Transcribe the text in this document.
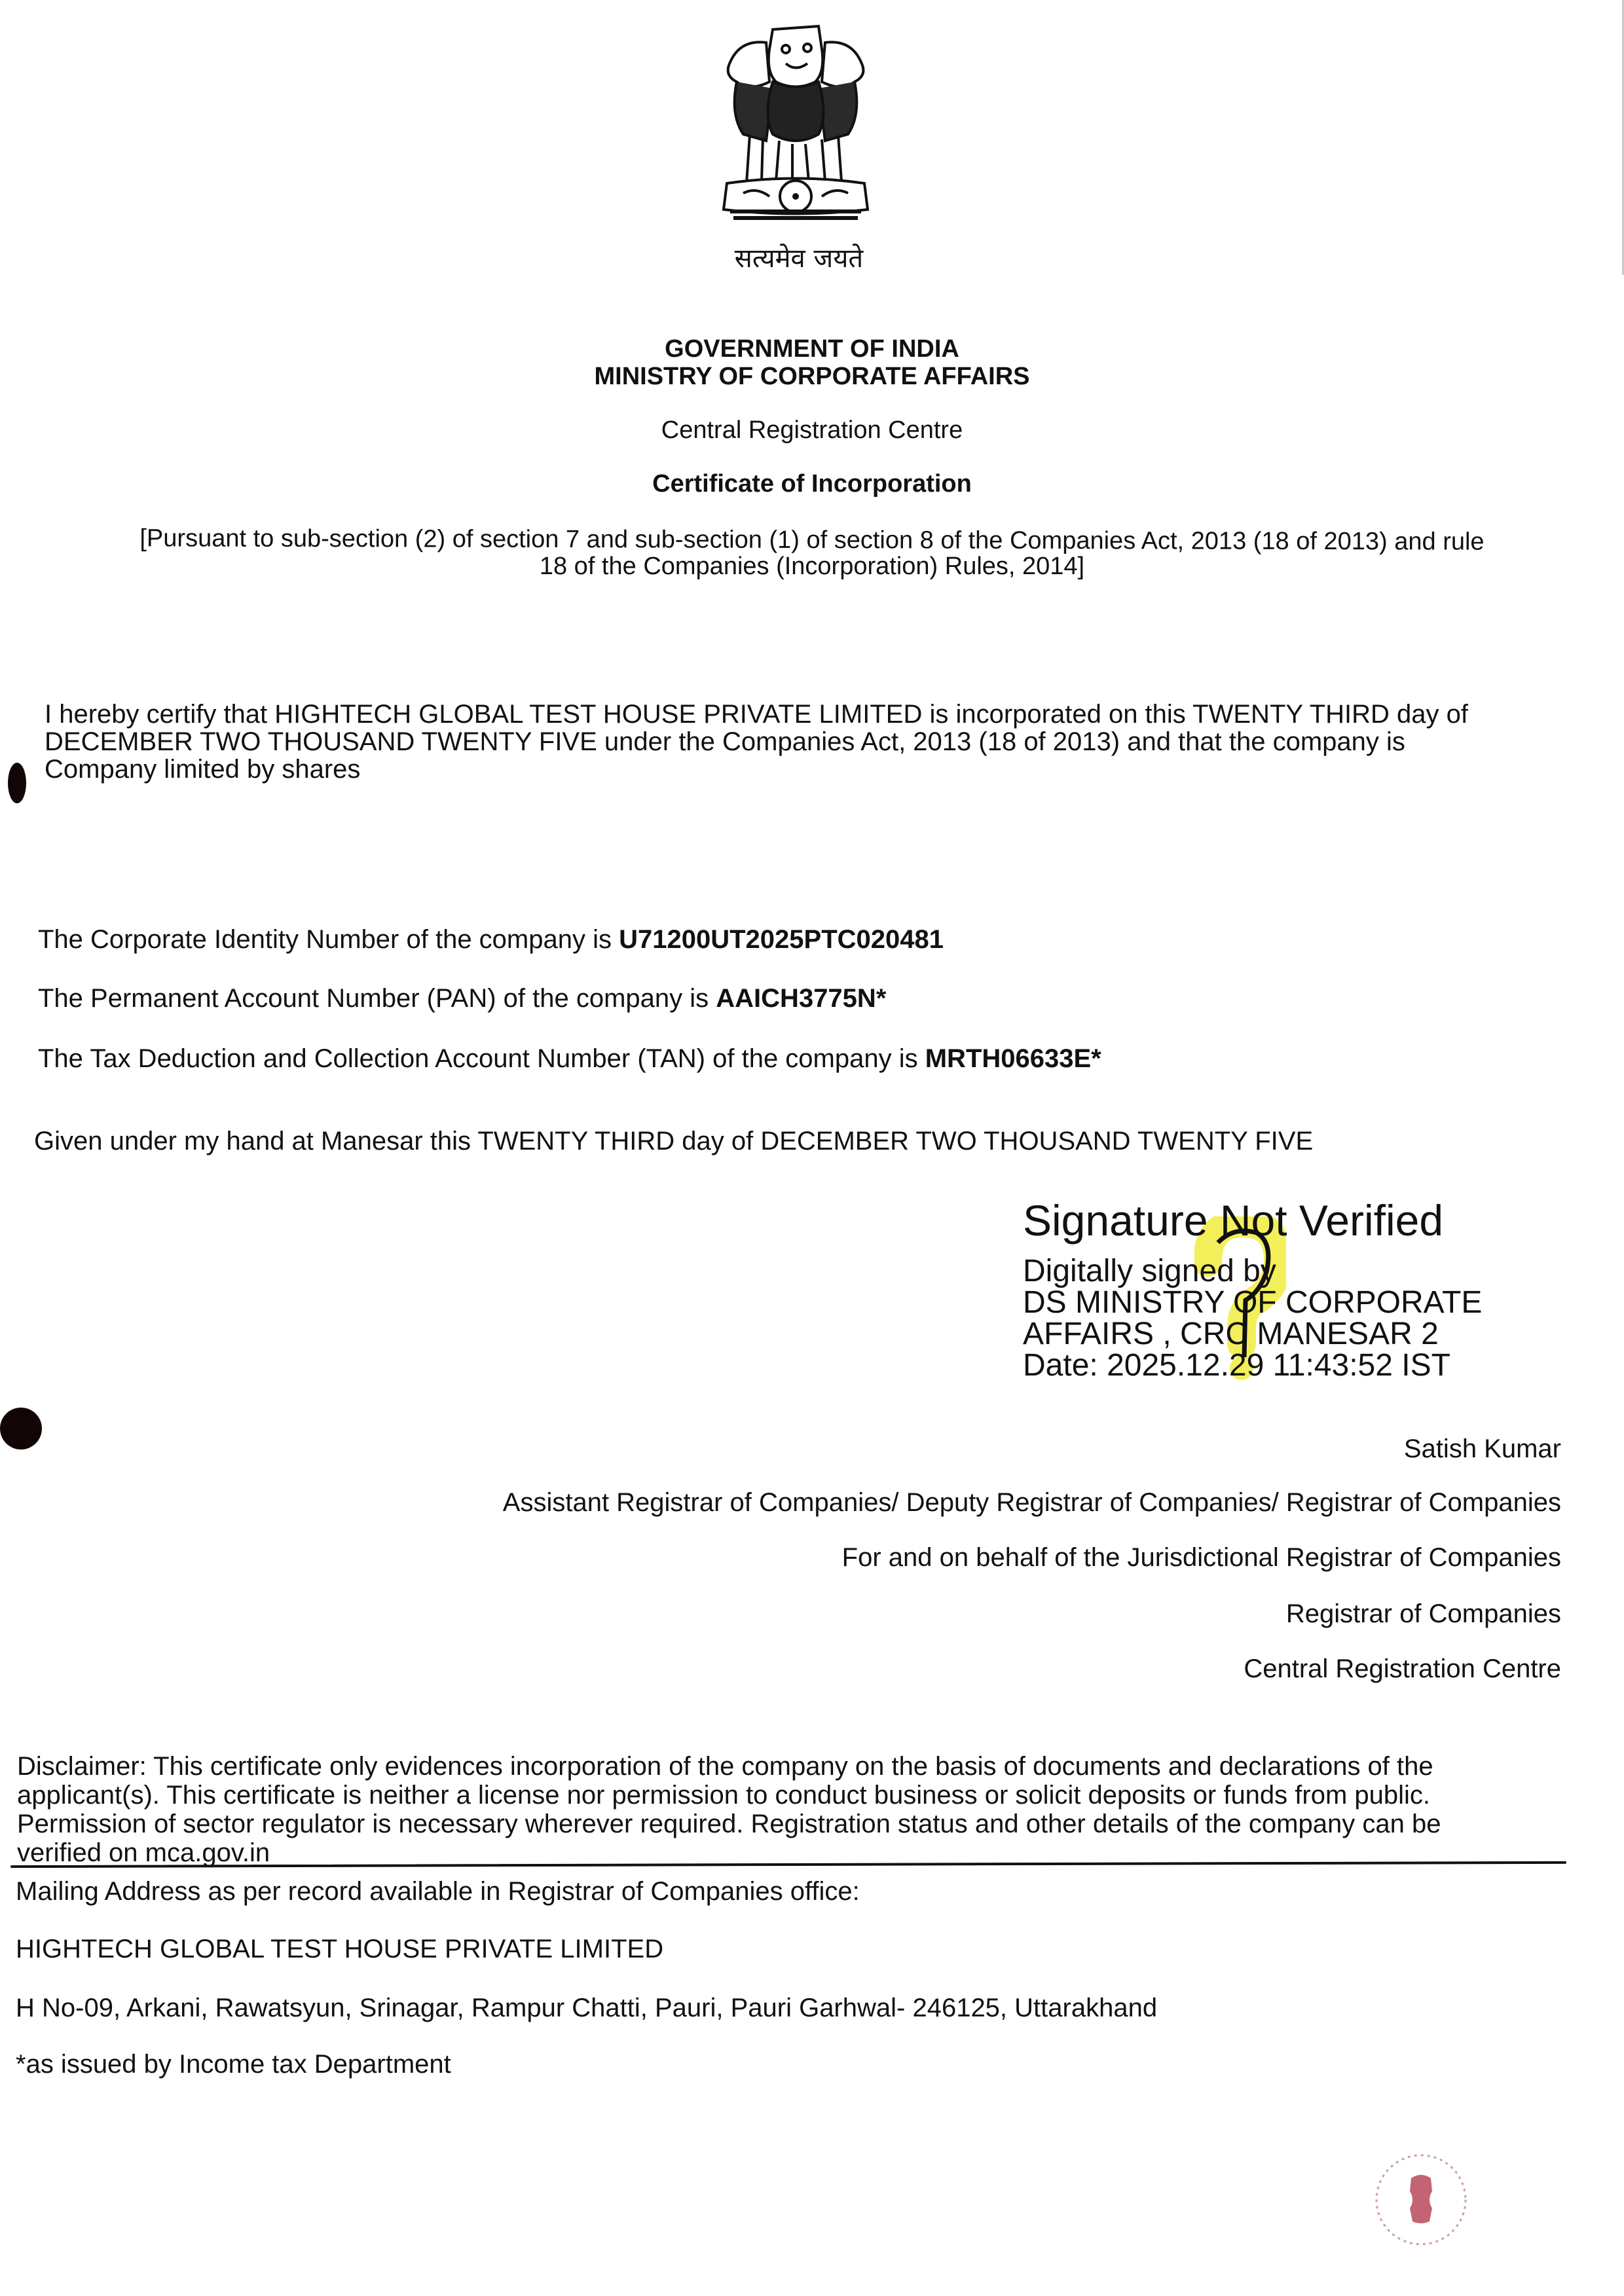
सत्यमेव जयते
GOVERNMENT OF INDIA
MINISTRY OF CORPORATE AFFAIRS
Central Registration Centre
Certificate of Incorporation
[Pursuant to sub-section (2) of section 7 and sub-section (1) of section 8 of the Companies Act, 2013 (18 of 2013) and rule
18 of the Companies (Incorporation) Rules, 2014]
I hereby certify that HIGHTECH GLOBAL TEST HOUSE PRIVATE LIMITED is incorporated on this TWENTY THIRD day of
DECEMBER TWO THOUSAND TWENTY FIVE under the Companies Act, 2013 (18 of 2013) and that the company is
Company limited by shares
The Corporate Identity Number of the company is U71200UT2025PTC020481
The Permanent Account Number (PAN) of the company is AAICH3775N*
The Tax Deduction and Collection Account Number (TAN) of the company is MRTH06633E*
Given under my hand at Manesar this TWENTY THIRD day of DECEMBER TWO THOUSAND TWENTY FIVE
Signature Not Verified
Digitally signed by
DS MINISTRY OF CORPORATE
AFFAIRS , CRC MANESAR 2
Date: 2025.12.29 11:43:52 IST
Satish Kumar
Assistant Registrar of Companies/ Deputy Registrar of Companies/ Registrar of Companies
For and on behalf of the Jurisdictional Registrar of Companies
Registrar of Companies
Central Registration Centre
Disclaimer: This certificate only evidences incorporation of the company on the basis of documents and declarations of the
applicant(s). This certificate is neither a license nor permission to conduct business or solicit deposits or funds from public.
Permission of sector regulator is necessary wherever required. Registration status and other details of the company can be
verified on mca.gov.in
Mailing Address as per record available in Registrar of Companies office:
HIGHTECH GLOBAL TEST HOUSE PRIVATE LIMITED
H No-09, Arkani, Rawatsyun, Srinagar, Rampur Chatti, Pauri, Pauri Garhwal- 246125, Uttarakhand
*as issued by Income tax Department
